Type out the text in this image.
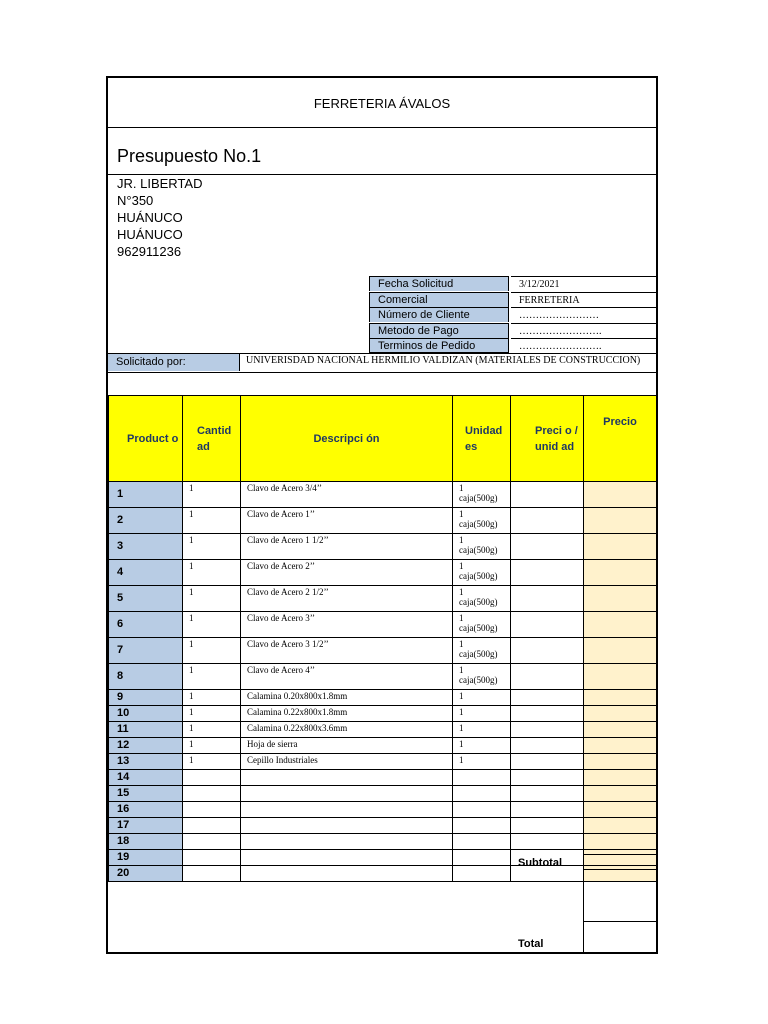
FERRETERIA ÁVALOS
Presupuesto No.1
JR. LIBERTAD
N°350
HUÁNUCO
HUÁNUCO
962911236
Fecha Solicitud	3/12/2021
Comercial	FERRETERIA
Número de Cliente	……………………
Metodo de Pago	…………………….
Terminos de Pedido	…………………….
Solicitado por:	UNIVERISDAD NACIONAL HERMILIO VALDIZAN (MATERIALES DE CONSTRUCCION)
Product o	Cantid ad	Descripci ón	Unidad es	Preci o / unid ad	Precio
1	1	Clavo de Acero 3/4’’	1
caja(500g)		

2	1	Clavo de Acero 1’’	1
caja(500g)		

3	1	Clavo de Acero 1 1/2’’	1
caja(500g)		

4	1	Clavo de Acero 2’’	1
caja(500g)		

5	1	Clavo de Acero 2 1/2’’	1
caja(500g)		

6	1	Clavo de Acero 3’’	1
caja(500g)		

7	1	Clavo de Acero 3 1/2’’	1
caja(500g)		

8	1	Clavo de Acero 4’’	1
caja(500g)		

9	1	Calamina 0.20x800x1.8mm	1		

10	1	Calamina 0.22x800x1.8mm	1		

11	1	Calamina 0.22x800x3.6mm	1		

12	1	Hoja de sierra	1		

13	1	Cepillo Industriales	1		

14			

15			

16			

17			

18			

19			

20			

Subtotal
Total
